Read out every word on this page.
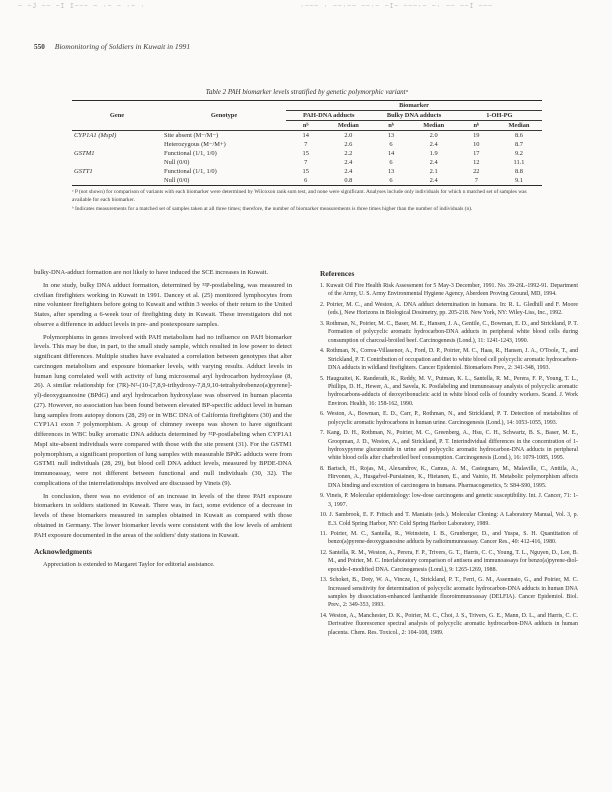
~ ~J ~~ ~I I~~~ ~ ·~ ~ ·~ ·	·~~~ · ~~·~~ ~~·~ ~I~ ~~~·~ ~· ~~ ~~I ~~~
550 Biomonitoring of Soldiers in Kuwait in 1991
Table 2 PAH biomarker levels stratified by genetic polymorphic variantᵃ
Gene	Genotype	Biomarker					
		PAH-DNA adducts		Bulky DNA adducts		1-OH-PG	
		nᵇ	Median	nᵇ	Median	nᵇ	Median
CYP1A1 (MspI)	Site absent (M−/M−)	14	2.0	13	2.0	19	8.6
	Heterozygous (M−/M+)	7	2.6	6	2.4	10	8.7
GSTM1	Functional (1/1, 1/0)	15	2.2	14	1.9	17	9.2
	Null (0/0)	7	2.4	6	2.4	12	11.1
GSTT1	Functional (1/1, 1/0)	15	2.4	13	2.1	22	8.8
	Null (0/0)	6	0.8	6	2.4	7	9.1
ᵃ P (not shown) for comparison of variants with each biomarker were determined by Wilcoxon rank sum test, and none were significant. Analyses include only individuals for which n matched set of samples was available for each biomarker.
ᵇ Indicates measurements for a matched set of samples taken at all three times; therefore, the number of biomarker measurements is three times higher than the number of individuals (n).

bulky-DNA-adduct formation are not likely to have induced the SCE increases in Kuwait.

In one study, bulky DNA adduct formation, determined by ³²P-postlabeling, was measured in civilian firefighters working in Kuwait in 1991. Dancey et al. (25) monitored lymphocytes from nine volunteer firefighters before going to Kuwait and within 3 weeks of their return to the United States, after spending a 6-week tour of firefighting duty in Kuwait. These investigators did not observe a difference in adduct levels in pre- and postexposure samples.

Polymorphisms in genes involved with PAH metabolism had no influence on PAH biomarker levels. This may be due, in part, to the small study sample, which resulted in low power to detect significant differences. Multiple studies have evaluated a correlation between genotypes that alter carcinogen metabolism and exposure biomarker levels, with varying results. Adduct levels in human lung correlated well with activity of lung microsomal aryl hydrocarbon hydroxylase (8, 26). A similar relationship for (7R)-N²-(10-[7,8,9-trihydroxy-7,8,9,10-tetrahydrobenzo(a)pyrene]-yl)-deoxyguanosine (BPdG) and aryl hydrocarbon hydroxylase was observed in human placenta (27). However, no association has been found between elevated BP-specific adduct level in human lung samples from autopsy donors (28, 29) or in WBC DNA of California firefighters (30) and the CYP1A1 exon 7 polymorphism. A group of chimney sweeps was shown to have significant differences in WBC bulky aromatic DNA adducts determined by ³²P-postlabeling when CYP1A1 MspI site-absent individuals were compared with those with the site present (31). For the GSTM1 polymorphism, a significant proportion of lung samples with measurable BPdG adducts were from GSTM1 null individuals (28, 29), but blood cell DNA adduct levels, measured by BPDE-DNA immunoassay, were not different between functional and null individuals (30, 32). The complications of the interrelationships involved are discussed by Vineis (9).

In conclusion, there was no evidence of an increase in levels of the three PAH exposure biomarkers in soldiers stationed in Kuwait. There was, in fact, some evidence of a decrease in levels of these biomarkers measured in samples obtained in Kuwait as compared with those obtained in Germany. The lower biomarker levels were consistent with the low levels of ambient PAH exposure documented in the areas of the soldiers' duty stations in Kuwait.

Acknowledgments

Appreciation is extended to Margaret Taylor for editorial assistance.

References
1. Kuwait Oil Fire Health Risk Assessment for 5 May-3 December, 1991. No. 39-26L-1992-91. Department of the Army, U. S. Army Environmental Hygiene Agency, Aberdeen Proving Ground, MD, 1994.
2. Poirier, M. C., and Weston, A. DNA adduct determination in humans. In: R. L. Gledhill and F. Moore (eds.), New Horizons in Biological Dosimetry, pp. 205-218. New York, NY: Wiley-Liss, Inc., 1992.
3. Rothman, N., Poirier, M. C., Baser, M. E., Hansen, J. A., Gentile, C., Bowman, E. D., and Strickland, P. T. Formation of polycyclic aromatic hydrocarbon-DNA adducts in peripheral white blood cells during consumption of charcoal-broiled beef. Carcinogenesis (Lond.), 11: 1241-1243, 1990.
4. Rothman, N., Correa-Villasenor, A., Ford, D. P., Poirier, M. C., Haas, R., Hansen, J. A., O'Toole, T., and Strickland, P. T. Contribution of occupation and diet to white blood cell polycyclic aromatic hydrocarbon-DNA adducts in wildland firefighters. Cancer Epidemiol. Biomarkers Prev., 2: 341-348, 1993.
5. Haugzaitei, K. Randerath, K., Reddy, M. V., Putman, K. L., Santella, R. M., Perera, F. P., Young, T. L., Phillips, D. H., Hewer, A., and Savela, K. Postlabeling and immunoassay analysis of polycyclic aromatic hydrocarbons-adducts of deoxyribonucleic acid in white blood cells of foundry workers. Scand. J. Work Environ. Health, 16: 158-162, 1990.
6. Weston, A., Bowman, E. D., Carr, P., Rothman, N., and Strickland, P. T. Detection of metabolites of polycyclic aromatic hydrocarbons in human urine. Carcinogenesis (Lond.), 14: 1053-1055, 1993.
7. Kang, D. H., Rothman, N., Poirier, M. C., Greenberg, A., Hsu, C. H., Schwartz, B. S., Baser, M. E., Groopman, J. D., Weston, A., and Strickland, P. T. Interindividual differences in the concentration of 1-hydroxypyrene glucuronide in urine and polycyclic aromatic hydrocarbon-DNA adducts in peripheral white blood cells after charbroiled beef consumption. Carcinogenesis (Lond.), 16: 1079-1085, 1995.
8. Bartsch, H., Rojas, M., Alexandrov, K., Camus, A. M., Castegnaro, M., Malaville, C., Anttila, A., Hirvonen, A., Husgafvel-Pursiainen, K., Hietanen, E., and Vainio, H. Metabolic polymorphism affects DNA binding and excretion of carcinogens in humans. Pharmacogenetics, 5: S84-S90, 1995.
9. Vineis, P. Molecular epidemiology: low-dose carcinogens and genetic susceptibility. Int. J. Cancer, 71: 1-3, 1997.
10. J. Sambrook, E. F. Fritsch and T. Maniatis (eds.). Molecular Cloning: A Laboratory Manual, Vol. 3, p. E.3. Cold Spring Harbor, NY: Cold Spring Harbor Laboratory, 1989.
11. Poirier, M. C., Santella, R., Weinstein, I. B., Grunberger, D., and Yuspa, S. H. Quantitation of benzo(a)pyrene-deoxyguanosine adducts by radioimmunoassay. Cancer Res., 40: 412-416, 1980.
12. Santella, R. M., Weston, A., Perera, F. P., Trivers, G. T., Harris, C. C., Young, T. L., Nguyen, D., Lee, B. M., and Poirier, M. C. Interlaboratory comparison of antisera and immunoassays for benzo(a)pyrene-diol-epoxide-I-modified DNA. Carcinogenesis (Lond.), 9: 1265-1269, 1988.
13. Schoket, B., Doty, W. A., Vincze, I., Strickland, P. T., Ferri, G. M., Assennato, G., and Poirier, M. C. Increased sensitivity for determination of polycyclic aromatic hydrocarbon-DNA adducts in human DNA samples by dissociation-enhanced lanthanide fluoroimmunoassay (DELFIA). Cancer Epidemiol. Biol. Prev., 2: 349-353, 1993.
14. Weston, A., Manchester, D. K., Poirier, M. C., Choi, J. S., Trivers, G. E., Mann, D. L., and Harris, C. C. Derivative fluorescence spectral analysis of polycyclic aromatic hydrocarbon-DNA adducts in human placenta. Chem. Res. Toxicol., 2: 104-108, 1989.
